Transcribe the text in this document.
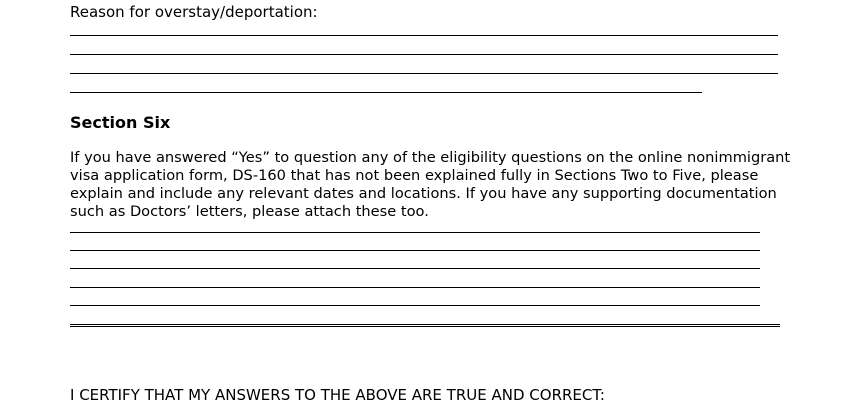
Reason for overstay/deportation:
Section Six

If you have answered “Yes” to question any of the eligibility questions on the online nonimmigrant

visa application form, DS-160 that has not been explained fully in Sections Two to Five, please

explain and include any relevant dates and locations. If you have any supporting documentation

such as Doctors’ letters, please attach these too.

I CERTIFY THAT MY ANSWERS TO THE ABOVE ARE TRUE AND CORRECT:
